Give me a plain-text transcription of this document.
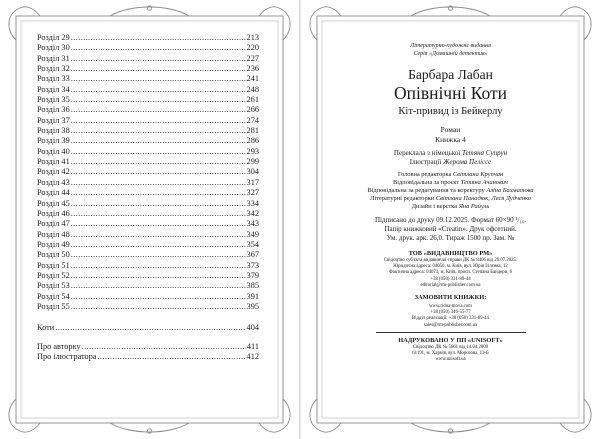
Розділ 29 .....	213
Розділ 30 .....	220
Розділ 31 .....	227
Розділ 32 .....	236
Розділ 33 .....	241
Розділ 34 .....	248
Розділ 35 .....	261
Розділ 36 .....	266
Розділ 37 .....	274
Розділ 38 .....	281
Розділ 39 .....	286
Розділ 40 .....	293
Розділ 41 .....	299
Розділ 42 .....	304
Розділ 43 .....	317
Розділ 44 .....	327
Розділ 45 .....	334
Розділ 46 .....	342
Розділ 47 .....	343
Розділ 48 .....	349
Розділ 49 .....	354
Розділ 50 .....	367
Розділ 51 .....	373
Розділ 52 .....	379
Розділ 53 .....	385
Розділ 54 .....	391
Розділ 55 .....	395
Коти .....	404
Про авторку .....	411
Про ілюстратора .....	412
Літературно-художнє видання
Серія «Домашній детектив»
Барбара Лабан
Опівнічні Коти
Кіт-привид із Бейкерлу
Роман
Книжка 4
Переклала з німецької Тетяна Супрун
Ілюстрації Жерома Пеліссе
Головна редакторка Світлана Крупчан
Відповідальна за проєкт Тетяна Ачинович
Відповідальна за редагування та коректуру Аліна Бахматова
Літературні редакторки Світлана Панадюк, Леся Дудченко
Дизайн і верстка Яна Райуль
Підписано до друку 09.12.2025. Формат 60×90 ¹/₁₆.
Папір книжковий «Creatin». Друк офсетний.
Ум. друк. арк. 26,0. Тираж 1500 пр. Зам. №
ТОВ «ВИДАВНИЦТВО РМ»
Свідоцтво суб'єкта видавничої справи ДК № 8406 від 29.07.2025.
Юридична адреса: 04050, м. Київ, вул. Юрія Іллєнка, 12
Фактична адреса: 04073, м. Київ, просп. Степана Бандери, 6
+38 (050) 331-89-44
editorial@rm-publisher.com.ua
ЗАМОВИТИ КНИЖКИ:
www.ridna-mova.com
+38 (050) 346-55-77
Відділ реалізації: +38 (050) 331-89-44
sales@rm-publisher.com.ua
НАДРУКОВАНО У ПП «UNISOFT»
Свідоцтво ДК № 5661 від 14.04.2009
61191, м. Харків, вул. Морозова, 13-Б
www.unisoft.ua
